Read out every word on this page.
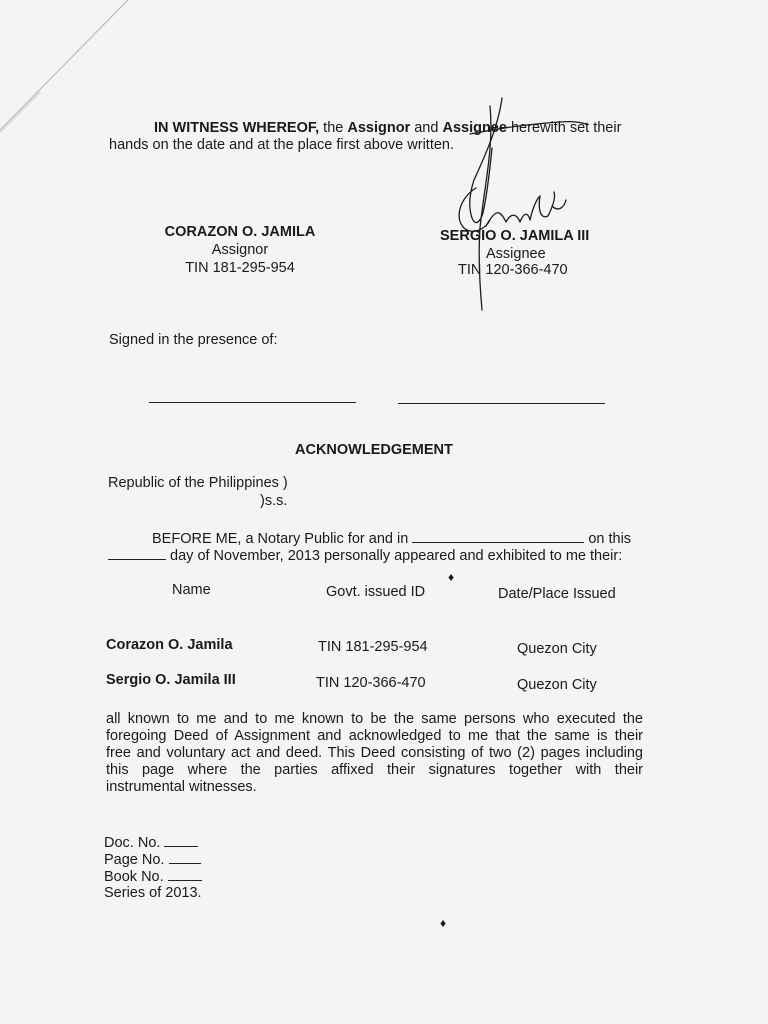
IN WITNESS WHEREOF, the Assignor and Assignee herewith set their
hands on the date and at the place first above written.
CORAZON O. JAMILA
Assignor
TIN 181-295-954
SERGIO O. JAMILA III
Assignee
TIN 120-366-470
Signed in the presence of:
ACKNOWLEDGEMENT
Republic of the Philippines )
)s.s.
BEFORE ME, a Notary Public for and in	on this
day of November, 2013 personally appeared and exhibited to me their:
♦
Name	Govt. issued ID	Date/Place Issued
Corazon O. Jamila	TIN 181-295-954	Quezon City
Sergio O. Jamila III	TIN 120-366-470	Quezon City
all known to me and to me known to be the same persons who executed the
foregoing Deed of Assignment and acknowledged to me that the same is their
free and voluntary act and deed. This Deed consisting of two (2) pages including
this page where the parties affixed their signatures together with their
instrumental witnesses.
Doc. No.
Page No.
Book No.
Series of 2013.
♦
